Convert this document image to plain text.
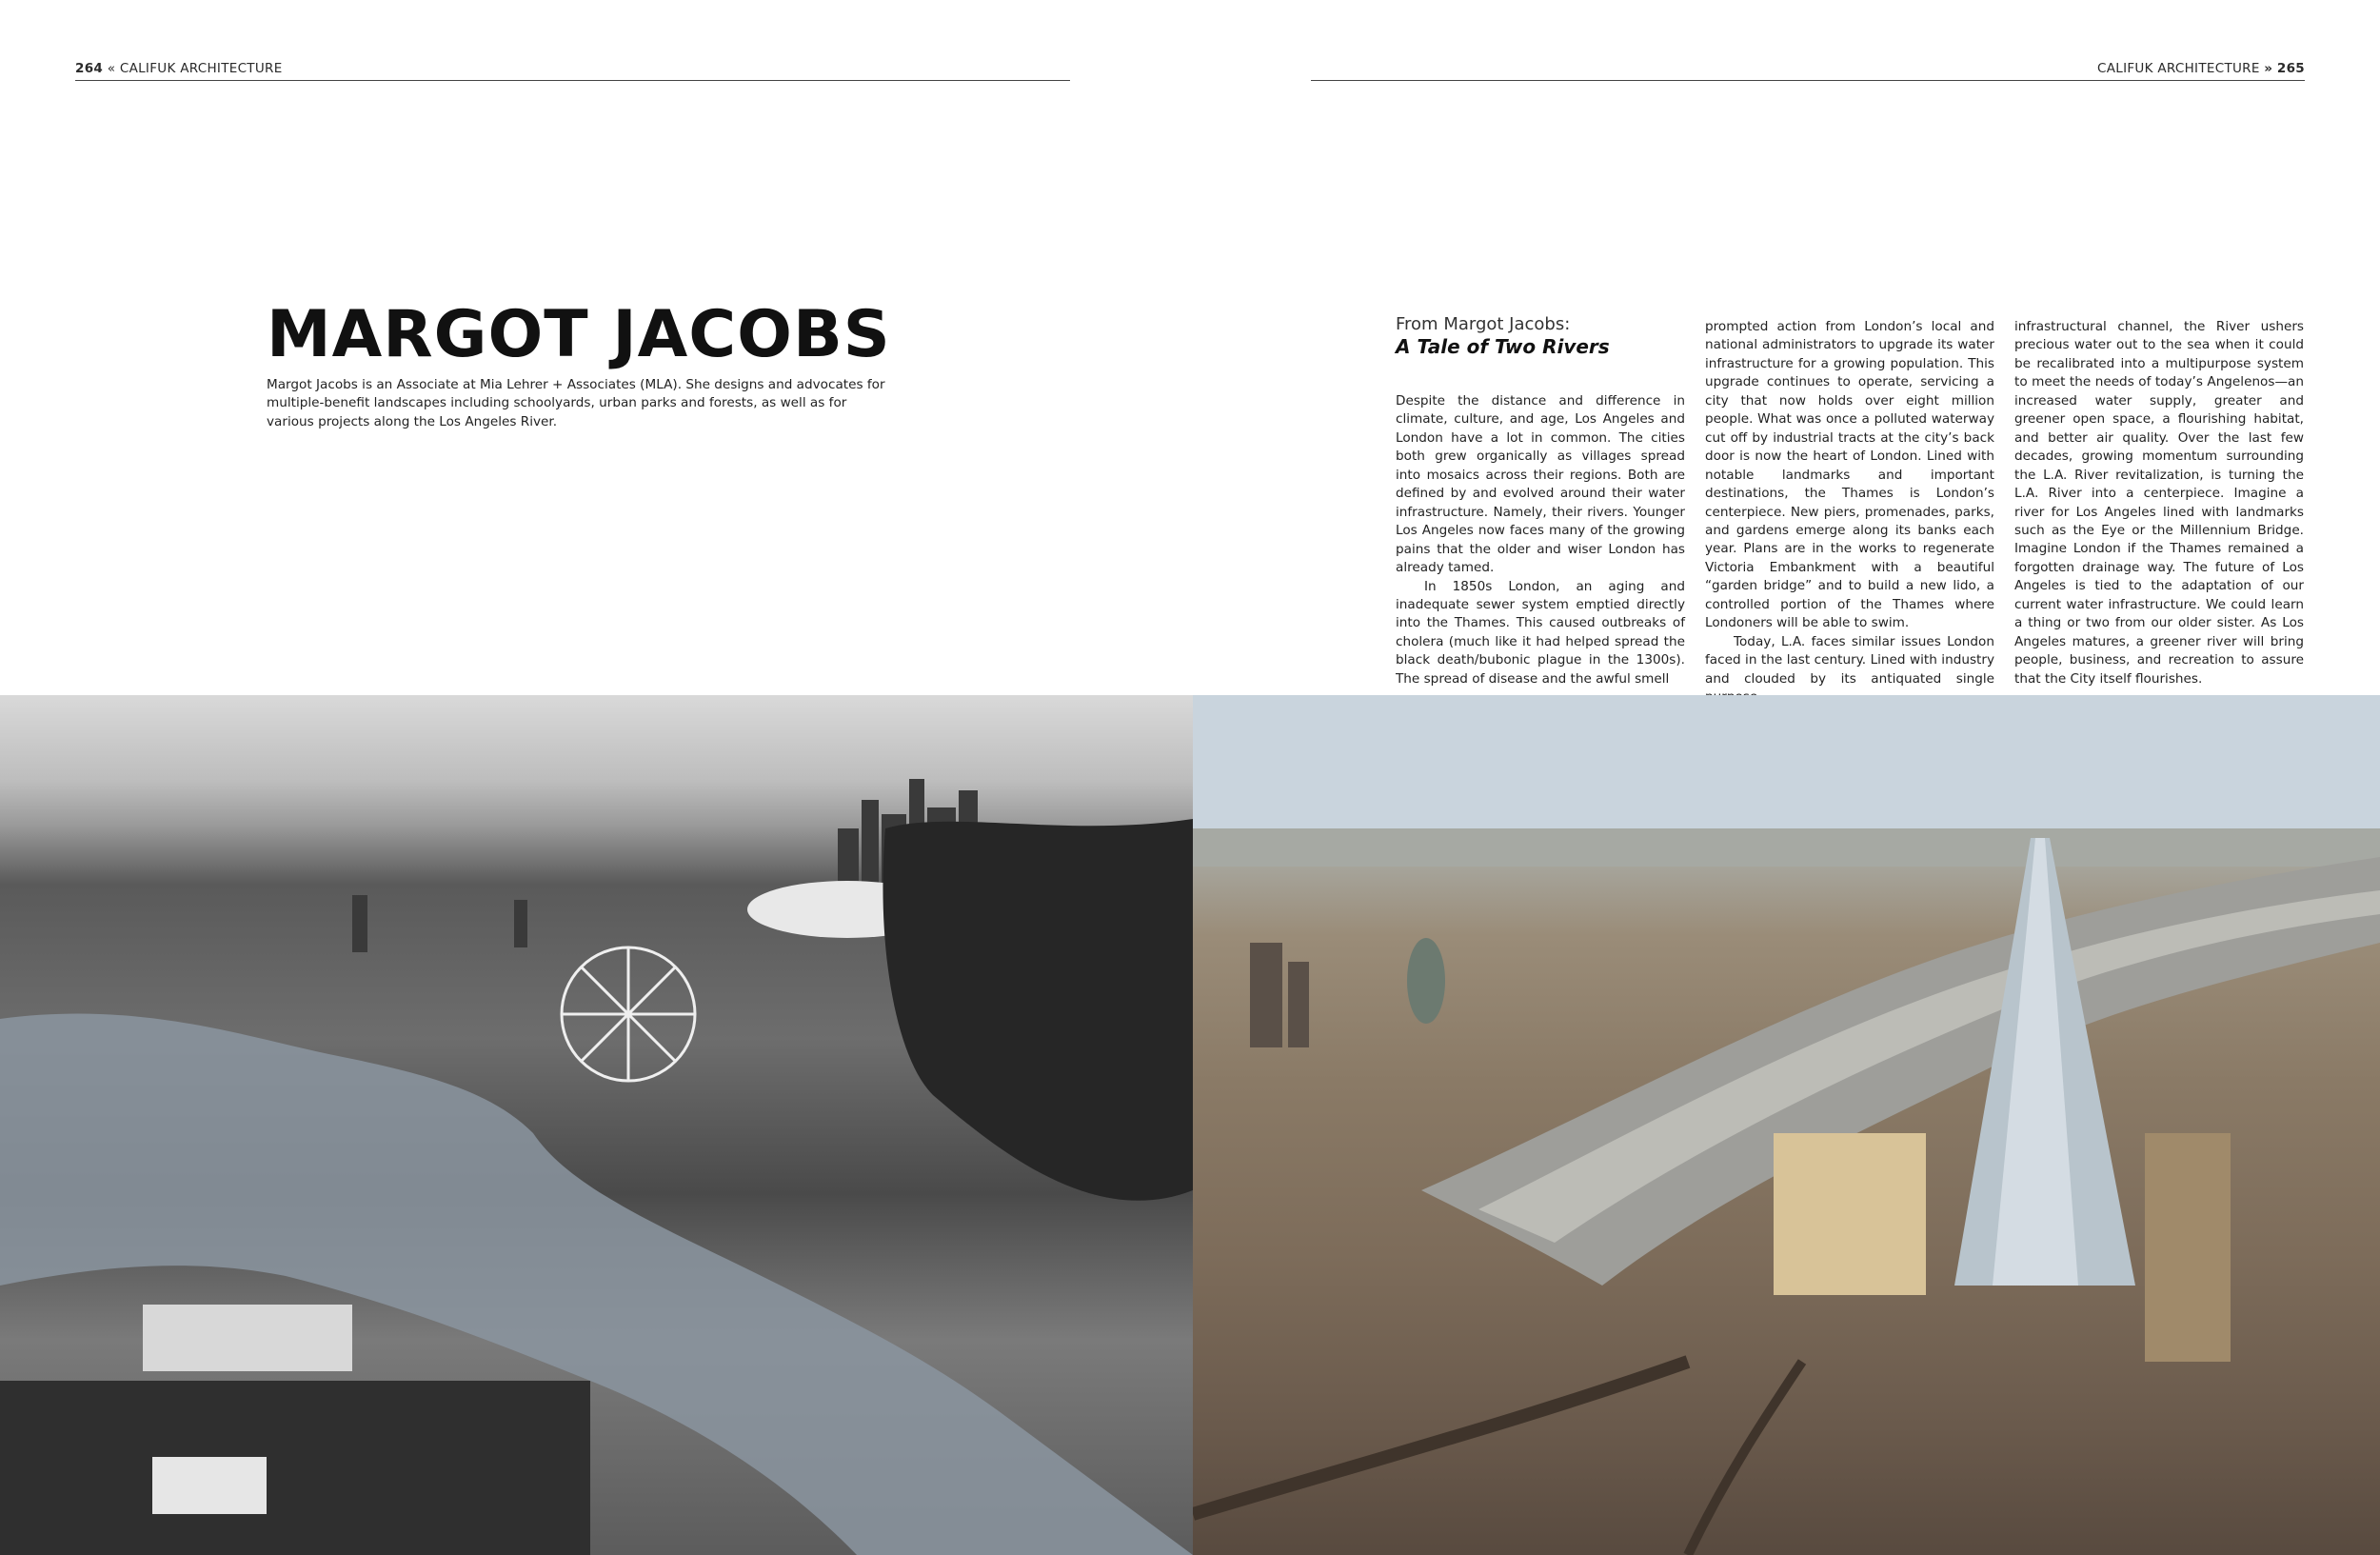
264 « CALIFUK ARCHITECTURE	CALIFUK ARCHITECTURE » 265
MARGOT JACOBS
Margot Jacobs is an Associate at Mia Lehrer + Associates (MLA). She designs and advocates for multiple-benefit landscapes including schoolyards, urban parks and forests, as well as for various projects along the Los Angeles River.
From Margot Jacobs:
A Tale of Two Rivers

Despite the distance and difference in climate, culture, and age, Los Angeles and London have a lot in common. The cities both grew organically as villages spread into mosaics across their regions. Both are defined by and evolved around their water infrastructure. Namely, their rivers. Younger Los Angeles now faces many of the growing pains that the older and wiser London has already tamed.

In 1850s London, an aging and inadequate sewer system emptied directly into the Thames. This caused outbreaks of cholera (much like it had helped spread the black death/bubonic plague in the 1300s). The spread of disease and the awful smell

prompted action from London’s local and national administrators to upgrade its water infrastructure for a growing population. This upgrade continues to operate, servicing a city that now holds over eight million people. What was once a polluted waterway cut off by industrial tracts at the city’s back door is now the heart of London. Lined with notable landmarks and important destinations, the Thames is London’s centerpiece. New piers, promenades, parks, and gardens emerge along its banks each year. Plans are in the works to regenerate Victoria Embankment with a beautiful “garden bridge” and to build a new lido, a controlled portion of the Thames where Londoners will be able to swim.

Today, L.A. faces similar issues London faced in the last century. Lined with industry and clouded by its antiquated single

infrastructural channel, the River ushers precious water out to the sea when it could be recalibrated into a multipurpose system to meet the needs of today’s Angelenos—an increased water supply, greater and greener open space, a flourishing habitat, and better air quality. Over the last few decades, growing momentum surrounding the L.A. River revitalization, is turning the L.A. River into a centerpiece. Imagine a river for Los Angeles lined with landmarks such as the Eye or the Millennium Bridge. Imagine London if the Thames remained a forgotten drainage way. The future of Los Angeles is tied to the adaptation of our current water infrastructure. We could learn a thing or two from our older sister. As Los Angeles matures, a greener river will bring people, business, and recreation to assure that the City itself flourishes.
